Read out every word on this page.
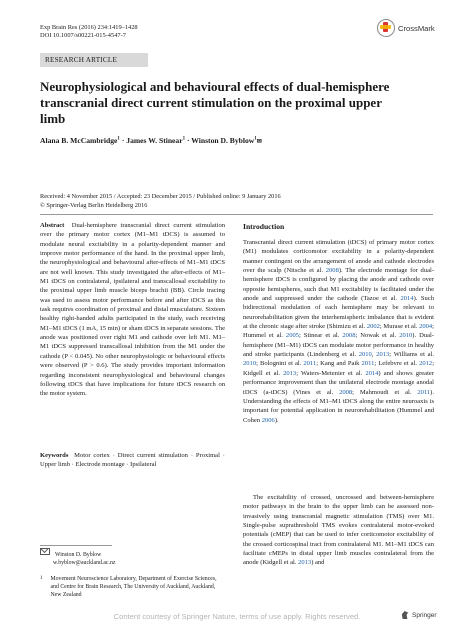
Exp Brain Res (2016) 234:1419–1428
DOI 10.1007/s00221-015-4547-7
CrossMark
RESEARCH ARTICLE
Neurophysiological and behavioural effects of dual-hemisphere transcranial direct current stimulation on the proximal upper limb
Alana B. McCambridge$^1$ · James W. Stinear$^1$ · Winston D. Byblow$^1$✉
Received: 4 November 2015 / Accepted: 23 December 2015 / Published online: 9 January 2016
© Springer-Verlag Berlin Heidelberg 2016

Abstract Dual-hemisphere transcranial direct current stimulation over the primary motor cortex (M1–M1 tDCS) is assumed to modulate neural excitability in a polarity-dependent manner and improve motor performance of the hand. In the proximal upper limb, the neurophysiological and behavioural after-effects of M1–M1 tDCS are not well known. This study investigated the after-effects of M1–M1 tDCS on contralateral, ipsilateral and transcallosal excitability to the proximal upper limb muscle biceps brachii (BB). Circle tracing was used to assess motor performance before and after tDCS as this task requires coordination of proximal and distal musculature. Sixteen healthy right-handed adults participated in the study, each receiving M1–M1 tDCS (1 mA, 15 min) or sham tDCS in separate sessions. The anode was positioned over right M1 and cathode over left M1. M1–M1 tDCS suppressed transcallosal inhibition from the M1 under the cathode (P < 0.045). No other neurophysiologic or behavioural effects were observed (P > 0.6). The study provides important information regarding inconsistent neurophysiological and behavioural changes following tDCS that have implications for future tDCS research on the motor system.

Keywords Motor cortex · Direct current stimulation · Proximal · Upper limb · Electrode montage · Ipsilateral

Winston D. Byblow
w.byblow@auckland.ac.nz
1 Movement Neuroscience Laboratory, Department of Exercise Sciences, and Centre for Brain Research, The University of Auckland, Auckland, New Zealand
Introduction

Transcranial direct current stimulation (tDCS) of primary motor cortex (M1) modulates corticomotor excitability in a polarity-dependent manner contingent on the arrangement of anode and cathode electrodes over the scalp (Nitsche et al. 2008). The electrode montage for dual-hemisphere tDCS is configured by placing the anode and cathode over opposite hemispheres, such that M1 excitability is facilitated under the anode and suppressed under the cathode (Tazoe et al. 2014). Such bidirectional modulation of each hemisphere may be relevant to neurorehabilitation given the interhemispheric imbalance that is evident at the chronic stage after stroke (Shimizu et al. 2002; Murase et al. 2004; Hummel et al. 2005; Stinear et al. 2008; Nowak et al. 2010). Dual-hemisphere (M1–M1) tDCS can modulate motor performance in healthy and stroke participants (Lindenberg et al. 2010, 2013; Williams et al. 2010; Bolognini et al. 2011; Kang and Paik 2011; Lefebvre et al. 2012; Kidgell et al. 2013; Waters-Metenier et al. 2014) and shows greater performance improvement than the unilateral electrode montage anodal tDCS (a-tDCS) (Vines et al. 2008; Mahmoudi et al. 2011). Understanding the effects of M1–M1 tDCS along the entire neuroaxis is important for potential application in neurorehabilitation (Hummel and Cohen 2006).

The excitability of crossed, uncrossed and between-hemisphere motor pathways in the brain to the upper limb can be assessed non-invasively using transcranial magnetic stimulation (TMS) over M1. Single-pulse suprathreshold TMS evokes contralateral motor-evoked potentials (cMEP) that can be used to infer corticomotor excitability of the crossed corticospinal tract from contralateral M1. M1–M1 tDCS can facilitate cMEPs in distal upper limb muscles contralateral from the anode (Kidgell et al. 2013) and

Springer
Content courtesy of Springer Nature, terms of use apply. Rights reserved.
